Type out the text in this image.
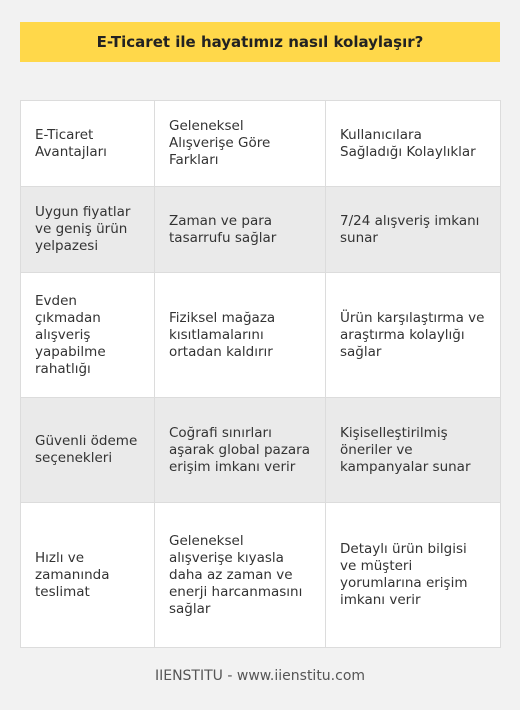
E-Ticaret ile hayatımız nasıl kolaylaşır?
E-Ticaret Avantajları	Geleneksel Alışverişe Göre Farkları	Kullanıcılara Sağladığı Kolaylıklar
Uygun fiyatlar ve geniş ürün yelpazesi	Zaman ve para tasarrufu sağlar	7/24 alışveriş imkanı sunar
Evden çıkmadan alışveriş yapabilme rahatlığı	Fiziksel mağaza kısıtlamalarını ortadan kaldırır	Ürün karşılaştırma ve araştırma kolaylığı sağlar
Güvenli ödeme seçenekleri	Coğrafi sınırları aşarak global pazara erişim imkanı verir	Kişiselleştirilmiş öneriler ve kampanyalar sunar
Hızlı ve zamanında teslimat	Geleneksel alışverişe kıyasla daha az zaman ve enerji harcanmasını sağlar	Detaylı ürün bilgisi ve müşteri yorumlarına erişim imkanı verir
IIENSTITU - www.iienstitu.com
